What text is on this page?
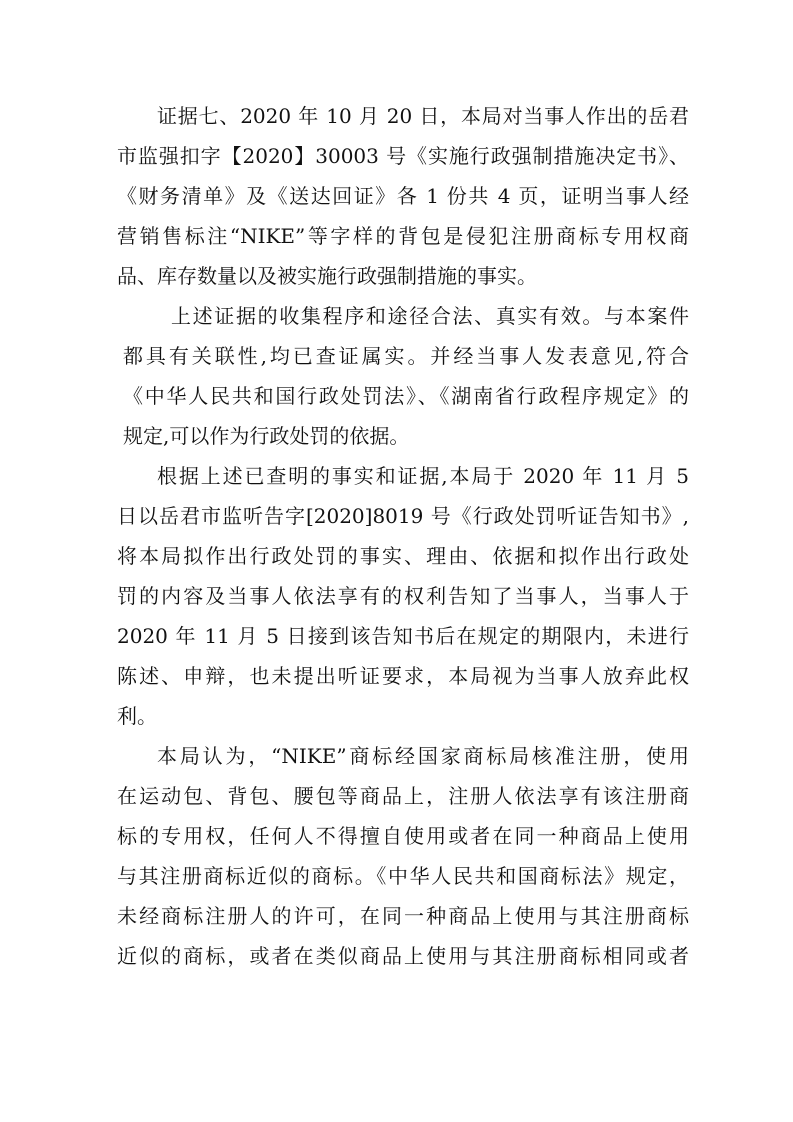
证据七、2020 年 10 月 20 日，本局对当事人作出的岳君
市监强扣字【2020】30003 号《实施行政强制措施决定书》、
《财务清单》及《送达回证》各 1 份共 4 页，证明当事人经
营销售标注“NIKE”等字样的背包是侵犯注册商标专用权商
品、库存数量以及被实施行政强制措施的事实。
上述证据的收集程序和途径合法、真实有效。与本案件
都具有关联性,均已查证属实。并经当事人发表意见,符合
《中华人民共和国行政处罚法》、《湖南省行政程序规定》的
规定,可以作为行政处罚的依据。
根据上述已查明的事实和证据,本局于 2020 年 11 月 5
日以岳君市监听告字[2020]8019 号《行政处罚听证告知书》,
将本局拟作出行政处罚的事实、理由、依据和拟作出行政处
罚的内容及当事人依法享有的权利告知了当事人，当事人于
2020 年 11 月 5 日接到该告知书后在规定的期限内，未进行
陈述、申辩，也未提出听证要求，本局视为当事人放弃此权
利。
本局认为，“NIKE”商标经国家商标局核准注册，使用
在运动包、背包、腰包等商品上，注册人依法享有该注册商
标的专用权，任何人不得擅自使用或者在同一种商品上使用
与其注册商标近似的商标。《中华人民共和国商标法》规定，
未经商标注册人的许可，在同一种商品上使用与其注册商标
近似的商标，或者在类似商品上使用与其注册商标相同或者
